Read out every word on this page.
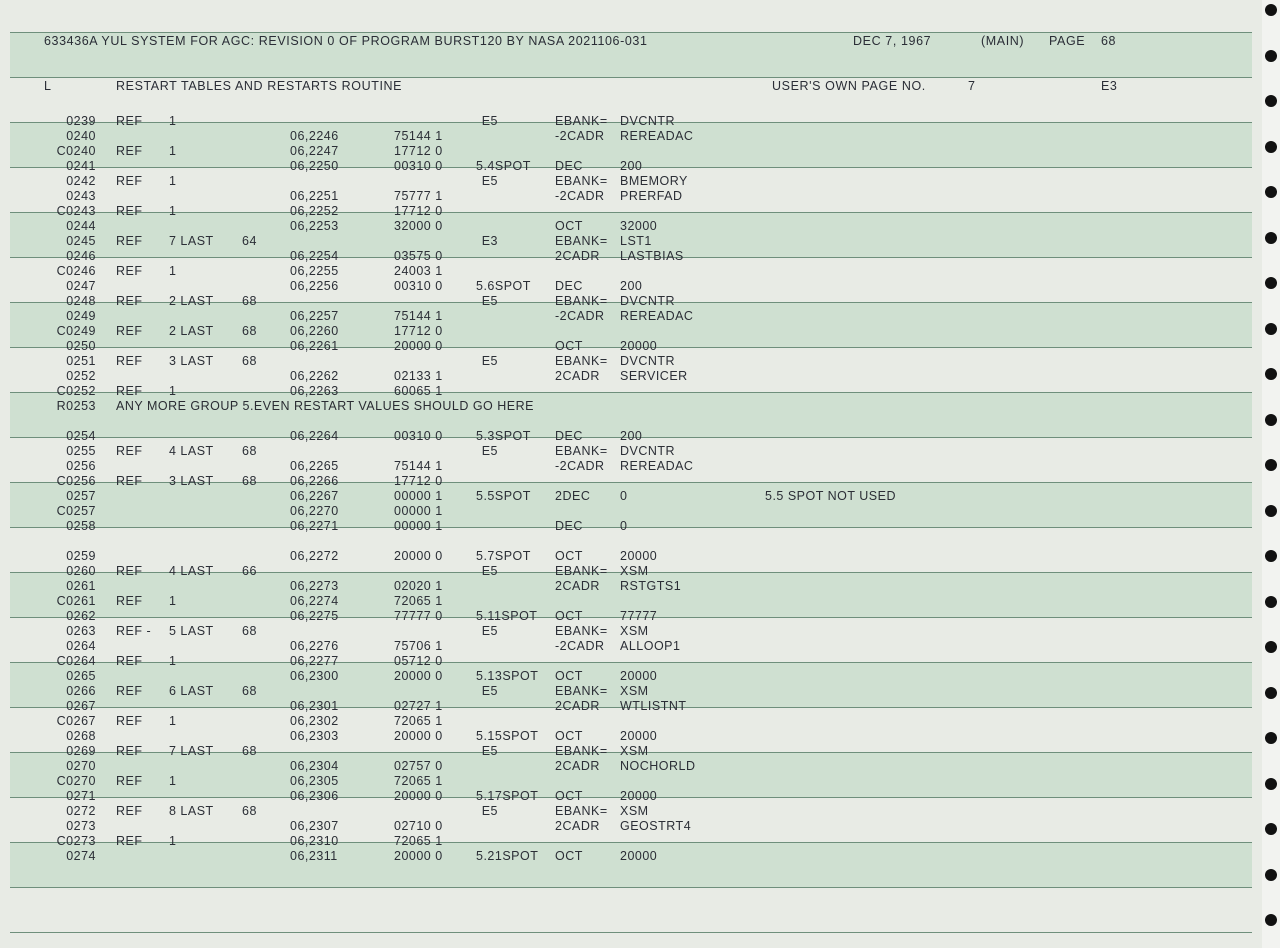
633436A YUL SYSTEM FOR AGC: REVISION 0 OF PROGRAM BURST120 BY NASA 2021106-031	DEC 7, 1967	(MAIN) PAGE 68
L	RESTART TABLES AND RESTARTS ROUTINE	USER'S OWN PAGE NO.	7	E3
0239 REF 1	E5	EBANK= DVCNTR
0240	06,2246	75144 1	-2CADR REREADAC
C0240 REF 1	06,2247	17712 0
0241	06,2250	00310 0	5.4SPOT DEC	200
0242 REF 1	E5	EBANK= BMEMORY
0243	06,2251	75777 1	-2CADR PRERFAD
C0243 REF 1	06,2252	17712 0
0244	06,2253	32000 0	OCT	32000
0245 REF 7 LAST 64	E3	EBANK= LST1
0246	06,2254	03575 0	2CADR LASTBIAS
C0246 REF 1	06,2255	24003 1
0247	06,2256	00310 0	5.6SPOT DEC	200
0248 REF 2 LAST 68	E5	EBANK= DVCNTR
0249	06,2257	75144 1	-2CADR REREADAC
C0249 REF 2 LAST 68	06,2260	17712 0
0250	06,2261	20000 0	OCT	20000
0251 REF 3 LAST 68	E5	EBANK= DVCNTR
0252	06,2262	02133 1	2CADR SERVICER
C0252 REF 1	06,2263	60065 1
R0253 ANY MORE GROUP 5.EVEN RESTART VALUES SHOULD GO HERE
0254	06,2264	00310 0	5.3SPOT DEC	200
0255 REF 4 LAST 68	E5	EBANK= DVCNTR
0256	06,2265	75144 1	-2CADR REREADAC
C0256 REF 3 LAST 68	06,2266	17712 0
0257	06,2267	00000 1	5.5SPOT 2DEC 0	5.5 SPOT NOT USED
C0257	06,2270	00000 1
0258	06,2271	00000 1	DEC	0
0259	06,2272	20000 0	5.7SPOT OCT	20000
0260 REF 4 LAST 66	E5	EBANK= XSM
0261	06,2273	02020 1	2CADR RSTGTS1
C0261 REF 1	06,2274	72065 1
0262	06,2275	77777 0	5.11SPOT OCT	77777
0263 REF - 5 LAST 68	E5	EBANK= XSM
0264	06,2276	75706 1	-2CADR ALLOOP1
C0264 REF 1	06,2277	05712 0
0265	06,2300	20000 0	5.13SPOT OCT	20000
0266 REF 6 LAST 68	E5	EBANK= XSM
0267	06,2301	02727 1	2CADR WTLISTNT
C0267 REF 1	06,2302	72065 1
0268	06,2303	20000 0	5.15SPOT OCT	20000
0269 REF 7 LAST 68	E5	EBANK= XSM
0270	06,2304	02757 0	2CADR NOCHORLD
C0270 REF 1	06,2305	72065 1
0271	06,2306	20000 0	5.17SPOT OCT	20000
0272 REF 8 LAST 68	E5	EBANK= XSM
0273	06,2307	02710 0	2CADR GEOSTRT4
C0273 REF 1	06,2310	72065 1
0274	06,2311	20000 0	5.21SPOT OCT	20000
